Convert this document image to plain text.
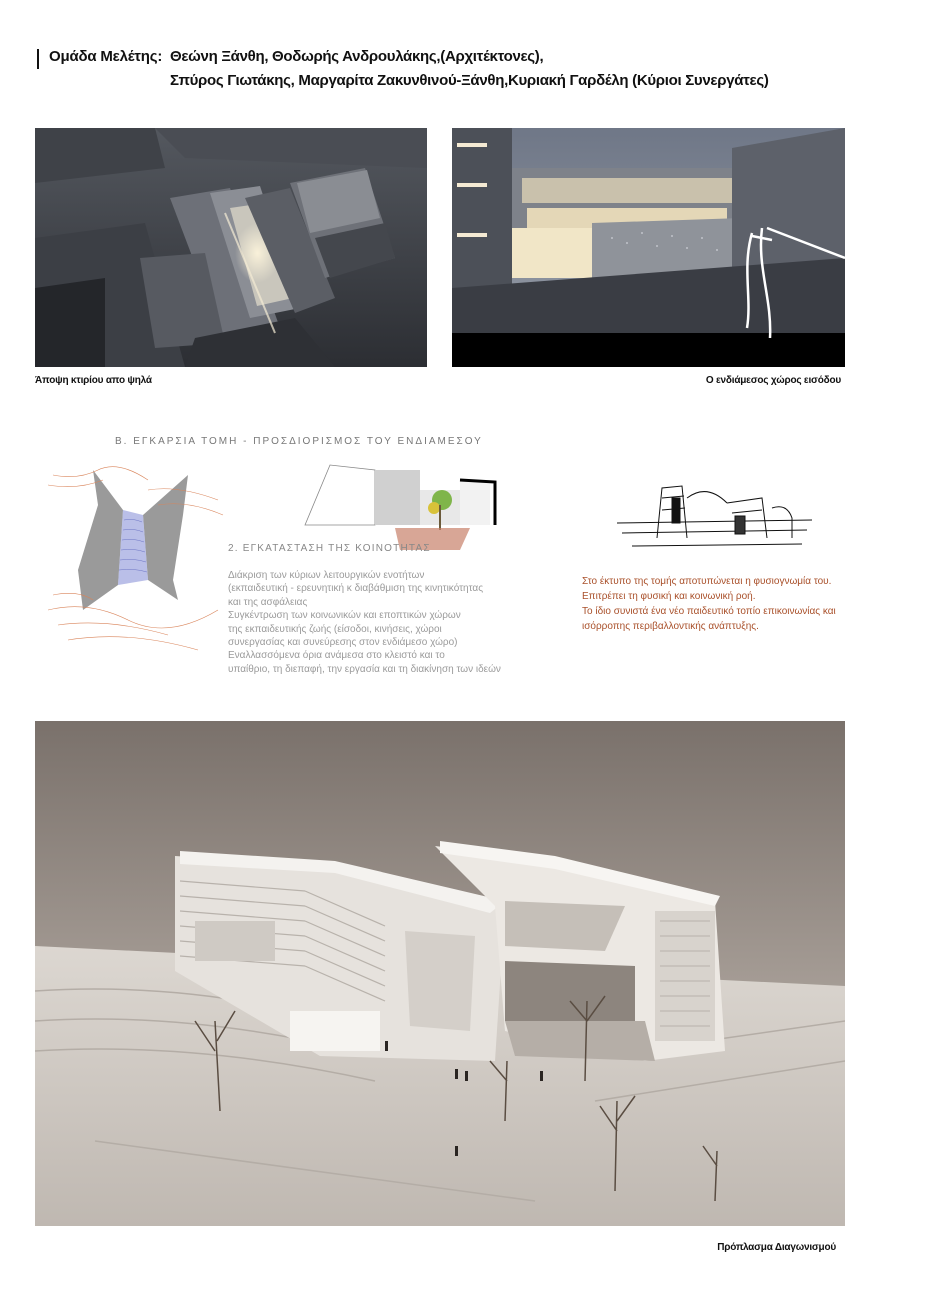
Ομάδα Μελέτης: Θεώνη Ξάνθη, Θοδωρής Ανδρουλάκης,(Αρχιτέκτονες),
Σπύρος Γιωτάκης, Μαργαρίτα Ζακυνθινού-Ξάνθη,Κυριακή Γαρδέλη (Κύριοι Συνεργάτες)
Άποψη κτιρίου απο ψηλά	Ο ενδιάμεσος χώρος εισόδου
Β. ΕΓΚΑΡΣΙΑ ΤΟΜΗ - ΠΡΟΣΔΙΟΡΙΣΜΟΣ ΤΟΥ ΕΝΔΙΑΜΕΣΟΥ
2. ΕΓΚΑΤΑΣΤΑΣΗ ΤΗΣ ΚΟΙΝΟΤΗΤΑΣ
Διάκριση των κύριων λειτουργικών ενοτήτων
(εκπαιδευτική - ερευνητική κ διαβάθμιση της κινητικότητας
και της ασφάλειας
Συγκέντρωση των κοινωνικών και εποπτικών χώρων
της εκπαιδευτικής ζωής (είσοδοι, κινήσεις, χώροι
συνεργασίας και συνεύρεσης στον ενδιάμεσο χώρο)
Εναλλασσόμενα όρια ανάμεσα στο κλειστό και το
υπαίθριο, τη διεπαφή, την εργασία και τη διακίνηση των ιδεών
Στο έκτυπο της τομής αποτυπώνεται η φυσιογνωμία του.
Επιτρέπει τη φυσική και κοινωνική ροή.
Το ίδιο συνιστά ένα νέο παιδευτικό τοπίο επικοινωνίας και
ισόρροπης περιβαλλοντικής ανάπτυξης.
Πρόπλασμα Διαγωνισμού
